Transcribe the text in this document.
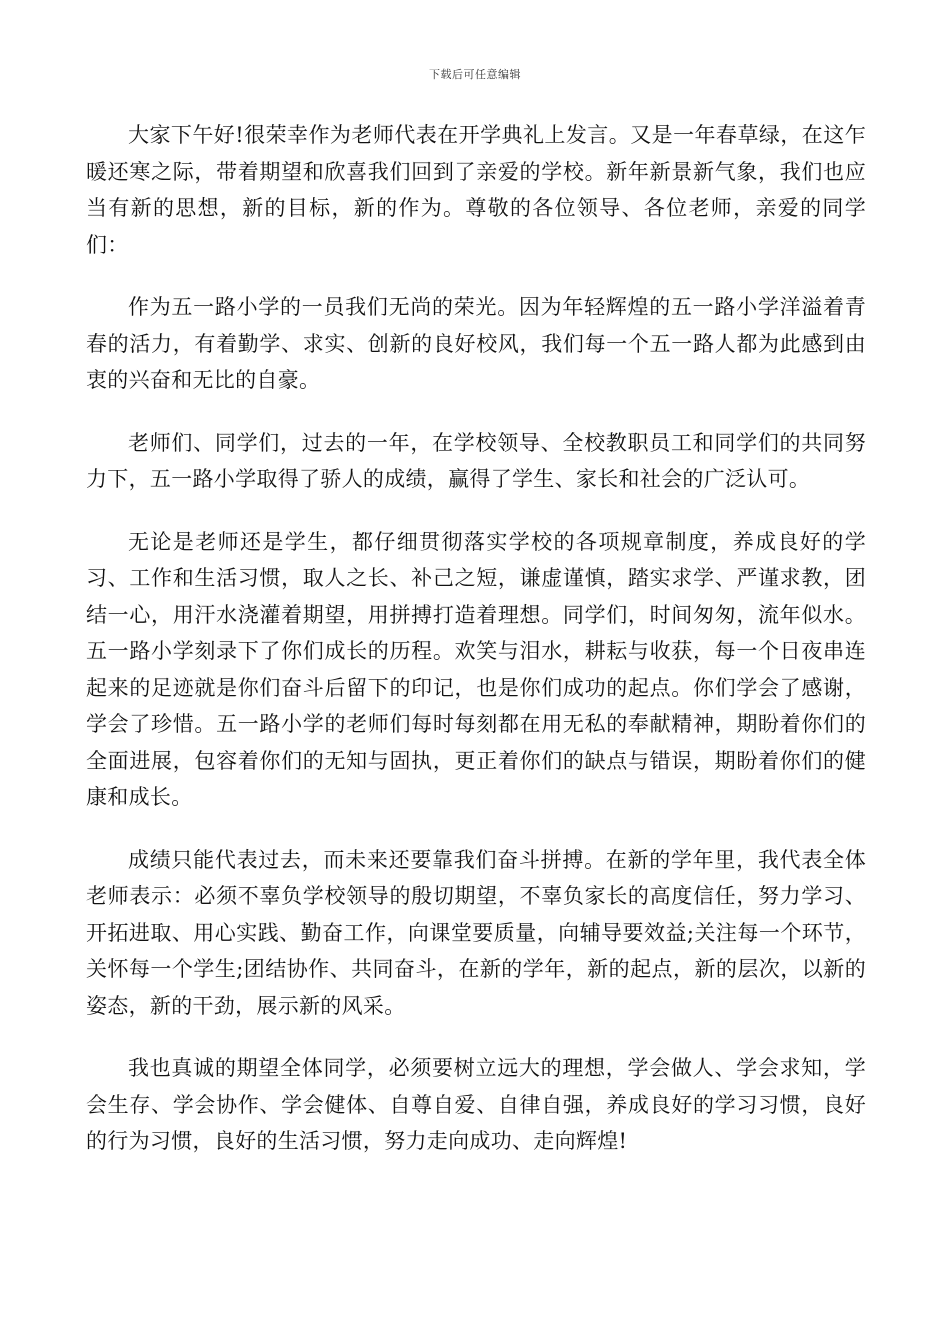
下载后可任意编辑

大家下午好!很荣幸作为老师代表在开学典礼上发言。又是一年春草绿，在这乍暖还寒之际，带着期望和欣喜我们回到了亲爱的学校。新年新景新气象，我们也应当有新的思想，新的目标，新的作为。尊敬的各位领导、各位老师，亲爱的同学们：

作为五一路小学的一员我们无尚的荣光。因为年轻辉煌的五一路小学洋溢着青春的活力，有着勤学、求实、创新的良好校风，我们每一个五一路人都为此感到由衷的兴奋和无比的自豪。

老师们、同学们，过去的一年，在学校领导、全校教职员工和同学们的共同努力下，五一路小学取得了骄人的成绩，赢得了学生、家长和社会的广泛认可。

无论是老师还是学生，都仔细贯彻落实学校的各项规章制度，养成良好的学习、工作和生活习惯，取人之长、补己之短，谦虚谨慎，踏实求学、严谨求教，团结一心，用汗水浇灌着期望，用拼搏打造着理想。同学们，时间匆匆，流年似水。五一路小学刻录下了你们成长的历程。欢笑与泪水，耕耘与收获，每一个日夜串连起来的足迹就是你们奋斗后留下的印记，也是你们成功的起点。你们学会了感谢，学会了珍惜。五一路小学的老师们每时每刻都在用无私的奉献精神，期盼着你们的全面进展，包容着你们的无知与固执，更正着你们的缺点与错误，期盼着你们的健康和成长。

成绩只能代表过去，而未来还要靠我们奋斗拼搏。在新的学年里，我代表全体老师表示：必须不辜负学校领导的殷切期望，不辜负家长的高度信任，努力学习、开拓进取、用心实践、勤奋工作，向课堂要质量，向辅导要效益;关注每一个环节，关怀每一个学生;团结协作、共同奋斗，在新的学年，新的起点，新的层次，以新的姿态，新的干劲，展示新的风采。

我也真诚的期望全体同学，必须要树立远大的理想，学会做人、学会求知，学会生存、学会协作、学会健体、自尊自爱、自律自强，养成良好的学习习惯，良好的行为习惯，良好的生活习惯，努力走向成功、走向辉煌!
